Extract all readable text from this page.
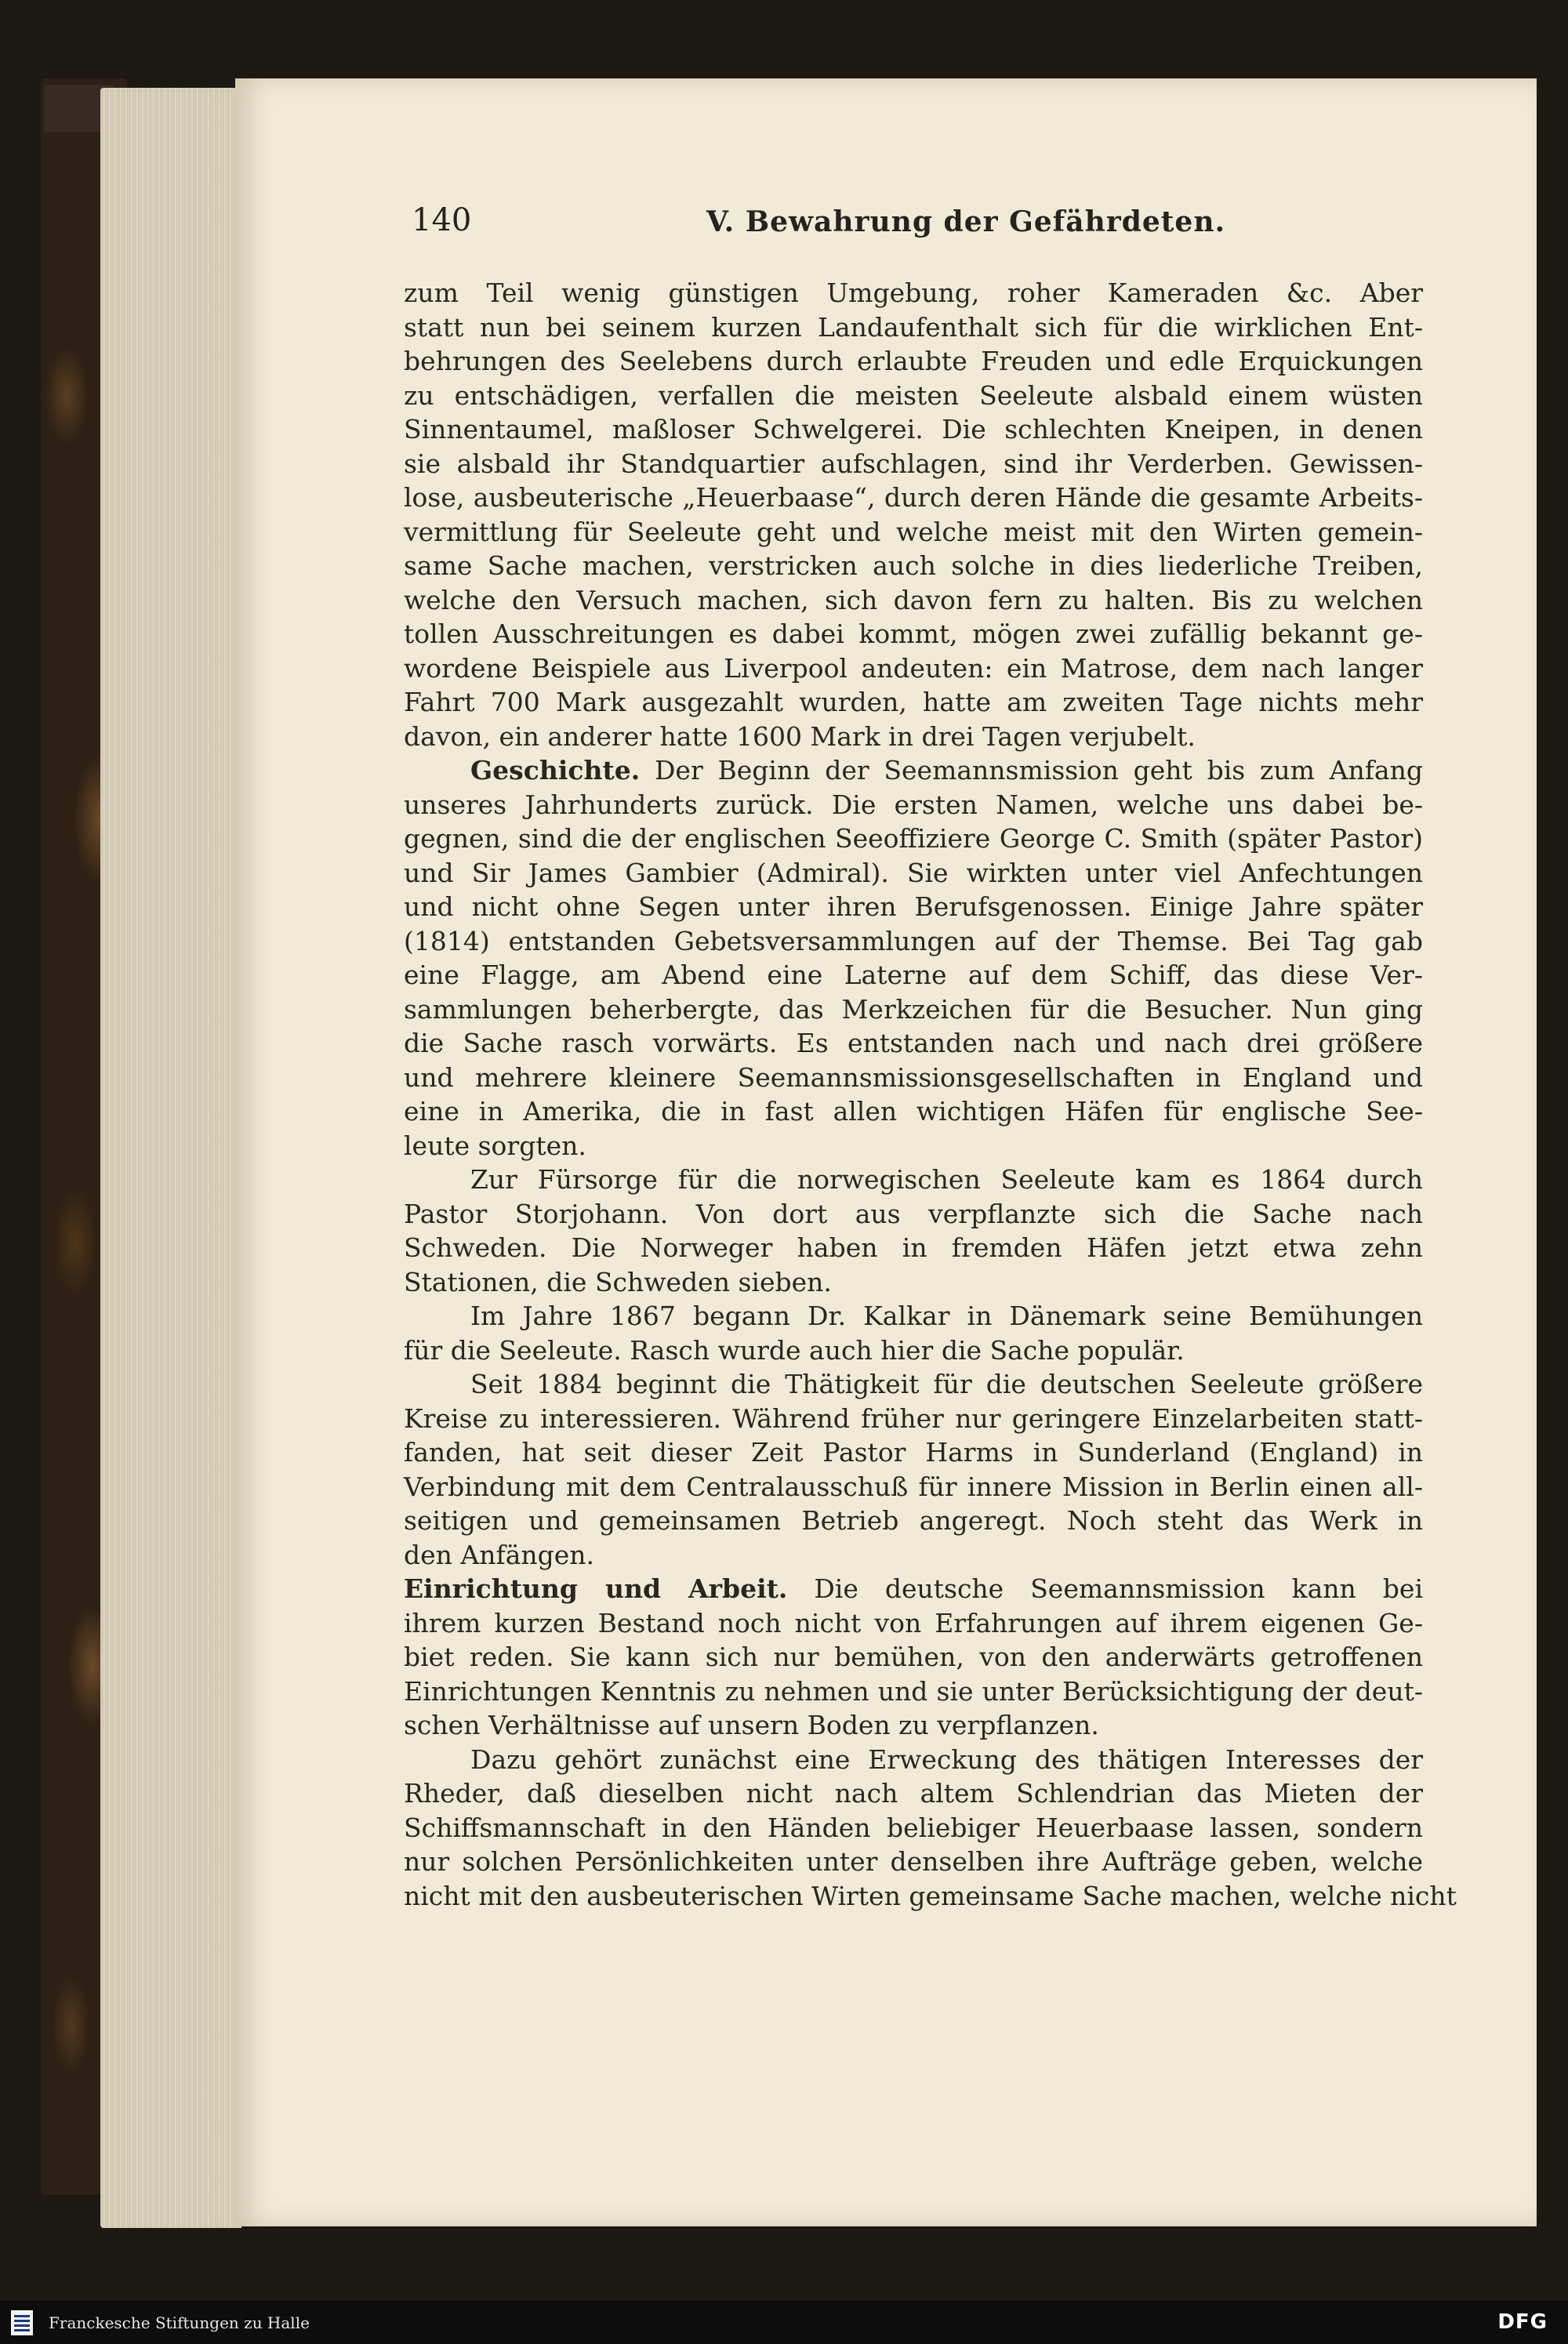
140	V. Bewahrung der Gefährdeten.
zum Teil wenig günstigen Umgebung, roher Kameraden &c. Aber
statt nun bei seinem kurzen Landaufenthalt sich für die wirklichen Ent-
behrungen des Seelebens durch erlaubte Freuden und edle Erquickungen
zu entschädigen, verfallen die meisten Seeleute alsbald einem wüsten
Sinnentaumel, maßloser Schwelgerei. Die schlechten Kneipen, in denen
sie alsbald ihr Standquartier aufschlagen, sind ihr Verderben. Gewissen-
lose, ausbeuterische „Heuerbaase“, durch deren Hände die gesamte Arbeits-
vermittlung für Seeleute geht und welche meist mit den Wirten gemein-
same Sache machen, verstricken auch solche in dies liederliche Treiben,
welche den Versuch machen, sich davon fern zu halten. Bis zu welchen
tollen Ausschreitungen es dabei kommt, mögen zwei zufällig bekannt ge-
wordene Beispiele aus Liverpool andeuten: ein Matrose, dem nach langer
Fahrt 700 Mark ausgezahlt wurden, hatte am zweiten Tage nichts mehr
davon, ein anderer hatte 1600 Mark in drei Tagen verjubelt.
Geschichte. Der Beginn der Seemannsmission geht bis zum Anfang
unseres Jahrhunderts zurück. Die ersten Namen, welche uns dabei be-
gegnen, sind die der englischen Seeoffiziere George C. Smith (später Pastor)
und Sir James Gambier (Admiral). Sie wirkten unter viel Anfechtungen
und nicht ohne Segen unter ihren Berufsgenossen. Einige Jahre später
(1814) entstanden Gebetsversammlungen auf der Themse. Bei Tag gab
eine Flagge, am Abend eine Laterne auf dem Schiff, das diese Ver-
sammlungen beherbergte, das Merkzeichen für die Besucher. Nun ging
die Sache rasch vorwärts. Es entstanden nach und nach drei größere
und mehrere kleinere Seemannsmissionsgesellschaften in England und
eine in Amerika, die in fast allen wichtigen Häfen für englische See-
leute sorgten.
Zur Fürsorge für die norwegischen Seeleute kam es 1864 durch
Pastor Storjohann. Von dort aus verpflanzte sich die Sache nach
Schweden. Die Norweger haben in fremden Häfen jetzt etwa zehn
Stationen, die Schweden sieben.
Im Jahre 1867 begann Dr. Kalkar in Dänemark seine Bemühungen
für die Seeleute. Rasch wurde auch hier die Sache populär.
Seit 1884 beginnt die Thätigkeit für die deutschen Seeleute größere
Kreise zu interessieren. Während früher nur geringere Einzelarbeiten statt-
fanden, hat seit dieser Zeit Pastor Harms in Sunderland (England) in
Verbindung mit dem Centralausschuß für innere Mission in Berlin einen all-
seitigen und gemeinsamen Betrieb angeregt. Noch steht das Werk in
den Anfängen.
Einrichtung und Arbeit. Die deutsche Seemannsmission kann bei
ihrem kurzen Bestand noch nicht von Erfahrungen auf ihrem eigenen Ge-
biet reden. Sie kann sich nur bemühen, von den anderwärts getroffenen
Einrichtungen Kenntnis zu nehmen und sie unter Berücksichtigung der deut-
schen Verhältnisse auf unsern Boden zu verpflanzen.
Dazu gehört zunächst eine Erweckung des thätigen Interesses der
Rheder, daß dieselben nicht nach altem Schlendrian das Mieten der
Schiffsmannschaft in den Händen beliebiger Heuerbaase lassen, sondern
nur solchen Persönlichkeiten unter denselben ihre Aufträge geben, welche
nicht mit den ausbeuterischen Wirten gemeinsame Sache machen, welche nicht
Franckesche Stiftungen zu Halle	DFG
